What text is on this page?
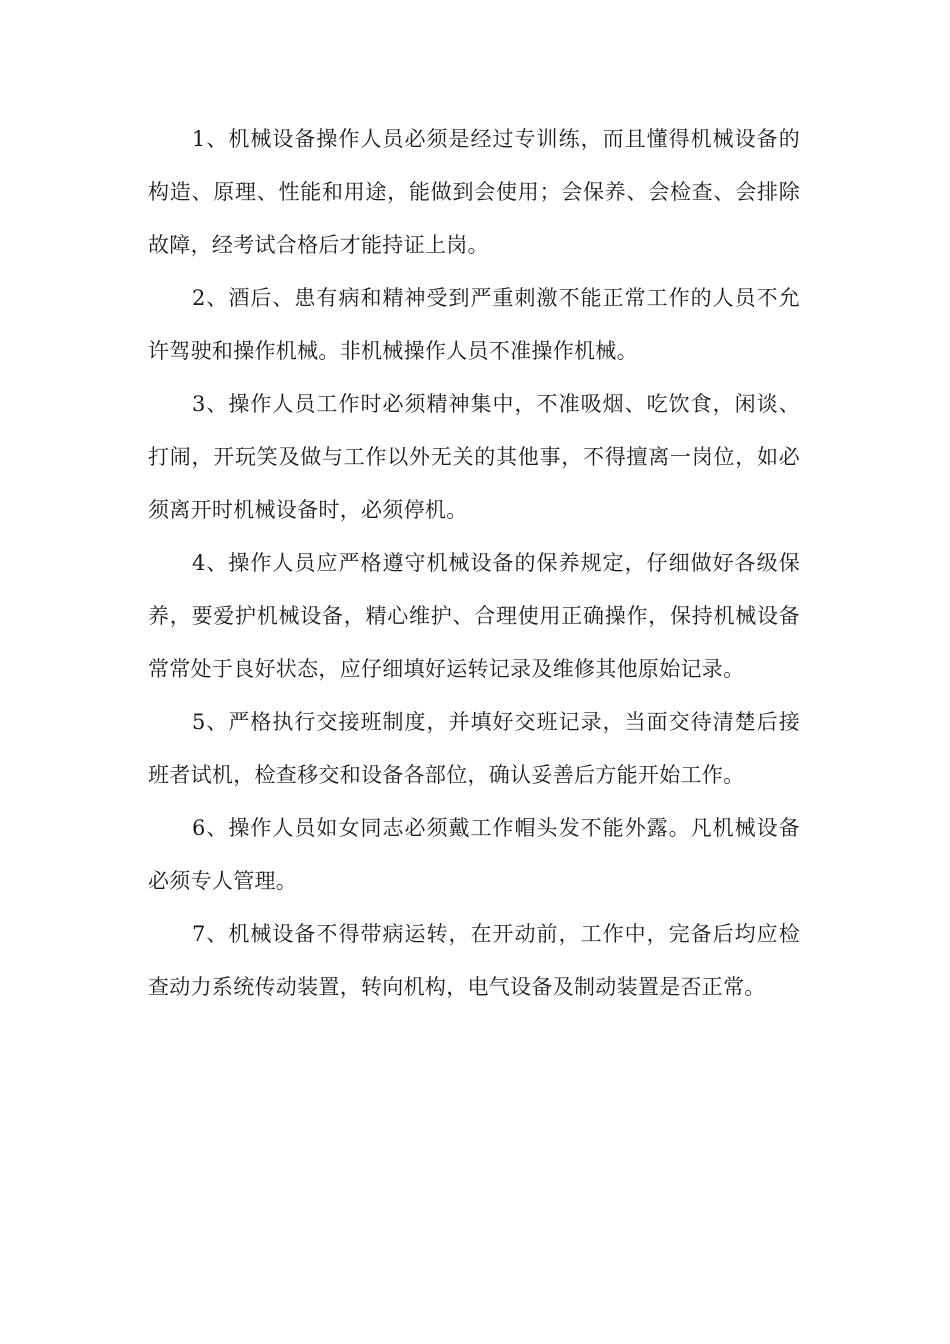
1、机械设备操作人员必须是经过专训练，而且懂得机械设备的构造、原理、性能和用途，能做到会使用；会保养、会检查、会排除故障，经考试合格后才能持证上岗。

2、酒后、患有病和精神受到严重刺激不能正常工作的人员不允许驾驶和操作机械。非机械操作人员不准操作机械。

3、操作人员工作时必须精神集中，不准吸烟、吃饮食，闲谈、打闹，开玩笑及做与工作以外无关的其他事，不得擅离一岗位，如必须离开时机械设备时，必须停机。

4、操作人员应严格遵守机械设备的保养规定，仔细做好各级保养，要爱护机械设备，精心维护、合理使用正确操作，保持机械设备常常处于良好状态，应仔细填好运转记录及维修其他原始记录。

5、严格执行交接班制度，并填好交班记录，当面交待清楚后接班者试机，检查移交和设备各部位，确认妥善后方能开始工作。

6、操作人员如女同志必须戴工作帽头发不能外露。凡机械设备必须专人管理。

7、机械设备不得带病运转，在开动前，工作中，完备后均应检查动力系统传动装置，转向机构，电气设备及制动装置是否正常。
